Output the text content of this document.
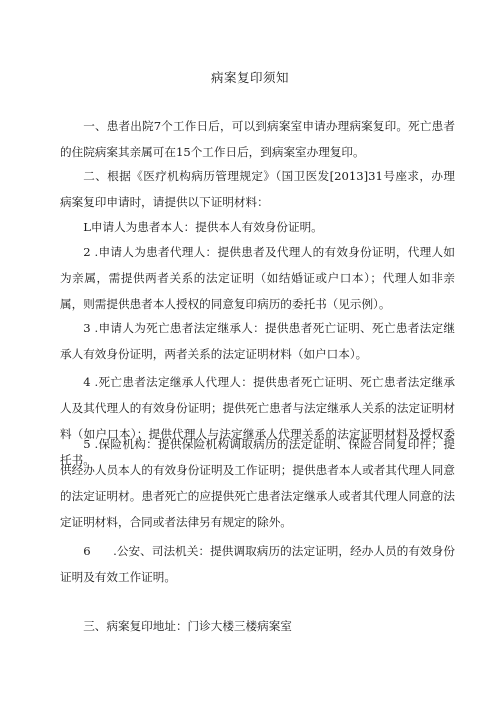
病案复印须知

一、患者出院7个工作日后，可以到病案室申请办理病案复印。死亡患者的住院病案其亲属可在15个工作日后，到病案室办理复印。

二、根据《医疗机构病历管理规定》（国卫医发[2013]31号座求，办理病案复印申请时，请提供以下证明材料：

L申请人为患者本人：提供本人有效身份证明。

2 .申请人为患者代理人：提供患者及代理人的有效身份证明，代理人如为亲属，需提供两者关系的法定证明（如结婚证或户口本）；代理人如非亲属，则需提供患者本人授权的同意复印病历的委托书（见示例）。

3 .申请人为死亡患者法定继承人：提供患者死亡证明、死亡患者法定继承人有效身份证明，两者关系的法定证明材料（如户口本）。

4 .死亡患者法定继承人代理人：提供患者死亡证明、死亡患者法定继承人及其代理人的有效身份证明；提供死亡患者与法定继承人关系的法定证明材料（如户口本）；提供代理人与法定继承人代理关系的法定证明材料及授权委托书。

5 .保险机构：提供保险机构调取病历的法定证明、保险合同复印件；提供经办人员本人的有效身份证明及工作证明；提供患者本人或者其代理人同意的法定证明材。患者死亡的应提供死亡患者法定继承人或者其代理人同意的法定证明材料，合同或者法律另有规定的除外。

6      .公安、司法机关：提供调取病历的法定证明，经办人员的有效身份证明及有效工作证明。

三、病案复印地址：门诊大楼三楼病案室
